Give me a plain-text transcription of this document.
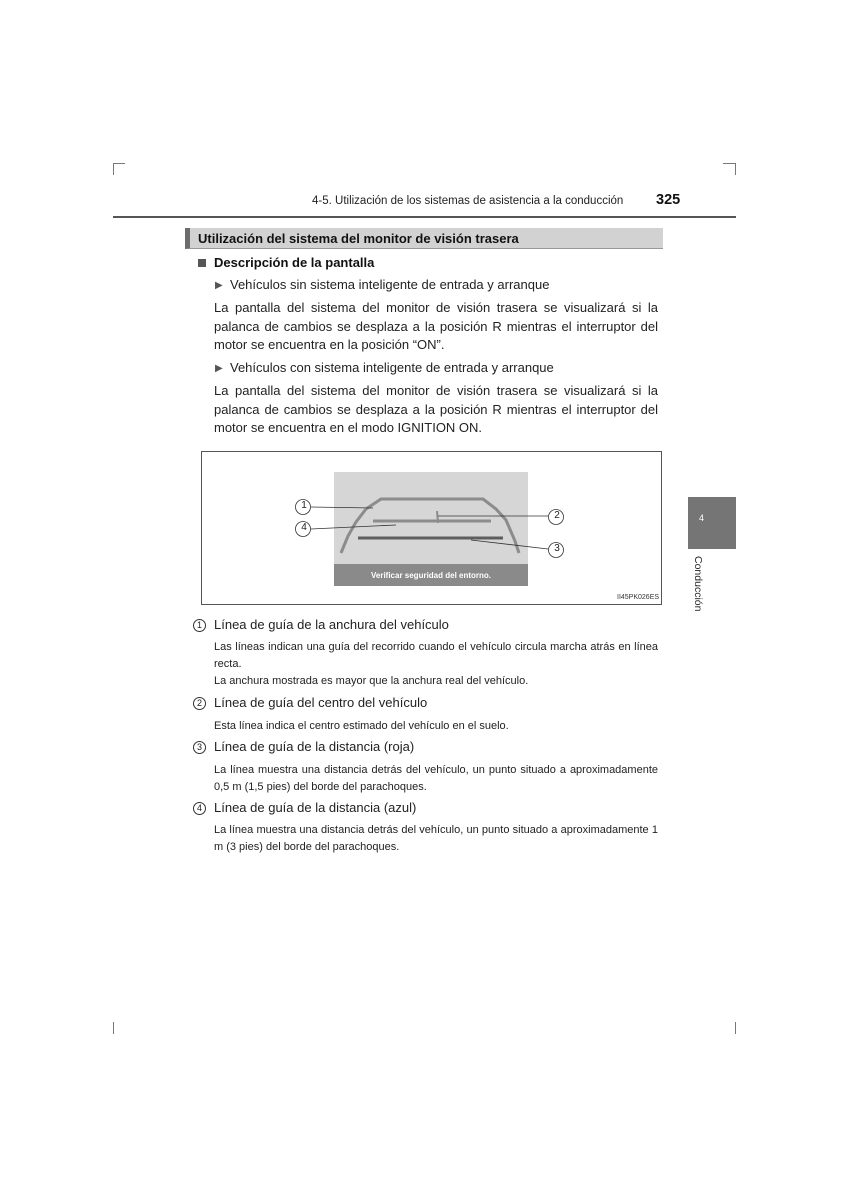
4-5. Utilización de los sistemas de asistencia a la conducción 325
4
Conducción
Utilización del sistema del monitor de visión trasera
Descripción de la pantalla
▶ Vehículos sin sistema inteligente de entrada y arranque
La pantalla del sistema del monitor de visión trasera se visualizará si la palanca de cambios se desplaza a la posición R mientras el interruptor del motor se encuentra en la posición “ON”.
▶ Vehículos con sistema inteligente de entrada y arranque
La pantalla del sistema del monitor de visión trasera se visualizará si la palanca de cambios se desplaza a la posición R mientras el interruptor del motor se encuentra en el modo IGNITION ON.
1
4
2
3
Verificar seguridad del entorno.
II45PK026ES
1 Línea de guía de la anchura del vehículo
Las líneas indican una guía del recorrido cuando el vehículo circula marcha atrás en línea recta.
La anchura mostrada es mayor que la anchura real del vehículo.
2 Línea de guía del centro del vehículo
Esta línea indica el centro estimado del vehículo en el suelo.
3 Línea de guía de la distancia (roja)
La línea muestra una distancia detrás del vehículo, un punto situado a aproximadamente 0,5 m (1,5 pies) del borde del parachoques.
4 Línea de guía de la distancia (azul)
La línea muestra una distancia detrás del vehículo, un punto situado a aproximadamente 1 m (3 pies) del borde del parachoques.
